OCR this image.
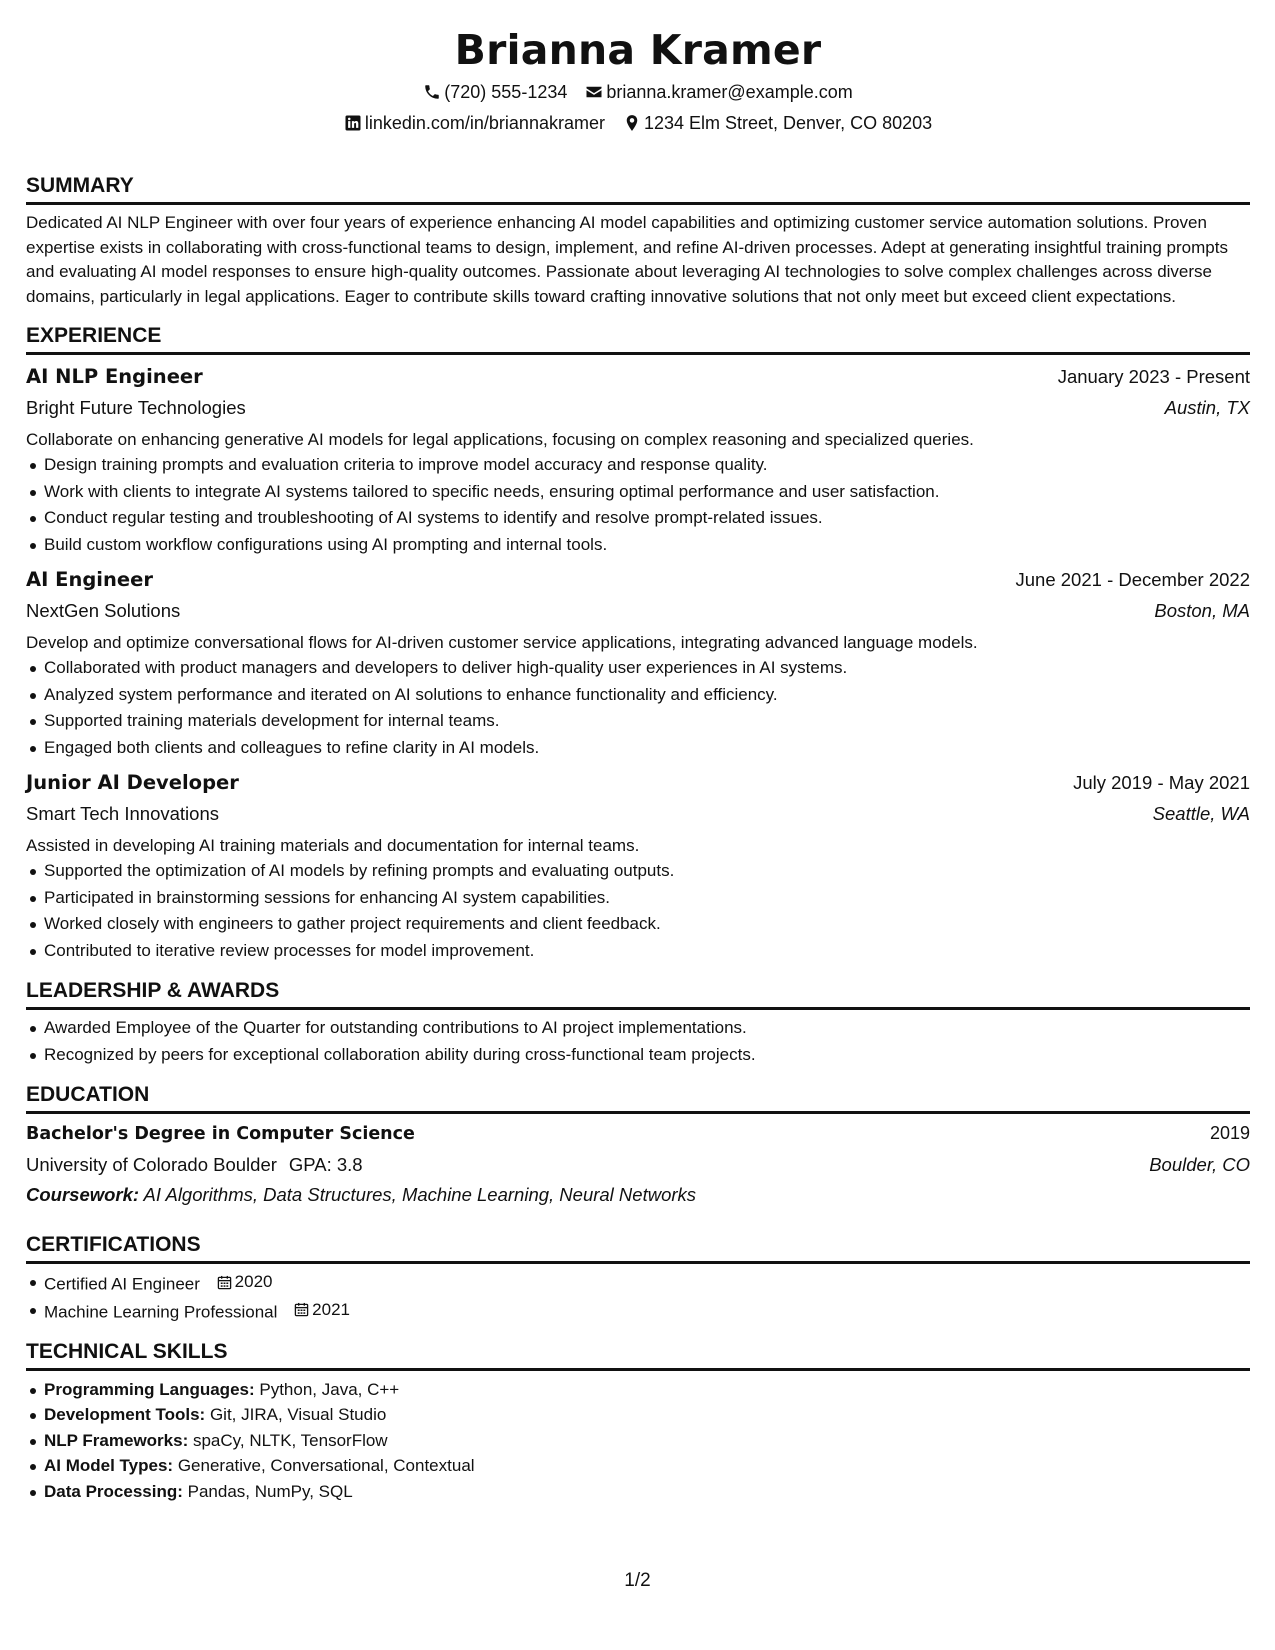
Brianna Kramer
(720) 555-1234 brianna.kramer@example.com
linkedin.com/in/briannakramer 1234 Elm Street, Denver, CO 80203
SUMMARY

Dedicated AI NLP Engineer with over four years of experience enhancing AI model capabilities and optimizing customer service automation solutions. Proven expertise exists in collaborating with cross-functional teams to design, implement, and refine AI-driven processes. Adept at generating insightful training prompts and evaluating AI model responses to ensure high-quality outcomes. Passionate about leveraging AI technologies to solve complex challenges across diverse domains, particularly in legal applications. Eager to contribute skills toward crafting innovative solutions that not only meet but exceed client expectations.

EXPERIENCE
AI NLP Engineer	January 2023 - Present
Bright Future Technologies	Austin, TX

Collaborate on enhancing generative AI models for legal applications, focusing on complex reasoning and specialized queries.

Design training prompts and evaluation criteria to improve model accuracy and response quality.
Work with clients to integrate AI systems tailored to specific needs, ensuring optimal performance and user satisfaction.
Conduct regular testing and troubleshooting of AI systems to identify and resolve prompt-related issues.
Build custom workflow configurations using AI prompting and internal tools.
AI Engineer	June 2021 - December 2022
NextGen Solutions	Boston, MA

Develop and optimize conversational flows for AI-driven customer service applications, integrating advanced language models.

Collaborated with product managers and developers to deliver high-quality user experiences in AI systems.
Analyzed system performance and iterated on AI solutions to enhance functionality and efficiency.
Supported training materials development for internal teams.
Engaged both clients and colleagues to refine clarity in AI models.
Junior AI Developer	July 2019 - May 2021
Smart Tech Innovations	Seattle, WA

Assisted in developing AI training materials and documentation for internal teams.

Supported the optimization of AI models by refining prompts and evaluating outputs.
Participated in brainstorming sessions for enhancing AI system capabilities.
Worked closely with engineers to gather project requirements and client feedback.
Contributed to iterative review processes for model improvement.
LEADERSHIP & AWARDS
Awarded Employee of the Quarter for outstanding contributions to AI project implementations.
Recognized by peers for exceptional collaboration ability during cross-functional team projects.
EDUCATION
Bachelor's Degree in Computer Science	2019
University of Colorado Boulder GPA: 3.8	Boulder, CO
Coursework: AI Algorithms, Data Structures, Machine Learning, Neural Networks
CERTIFICATIONS
Certified AI Engineer 2020
Machine Learning Professional 2021
TECHNICAL SKILLS
Programming Languages: Python, Java, C++
Development Tools: Git, JIRA, Visual Studio
NLP Frameworks: spaCy, NLTK, TensorFlow
AI Model Types: Generative, Conversational, Contextual
Data Processing: Pandas, NumPy, SQL
1/2
